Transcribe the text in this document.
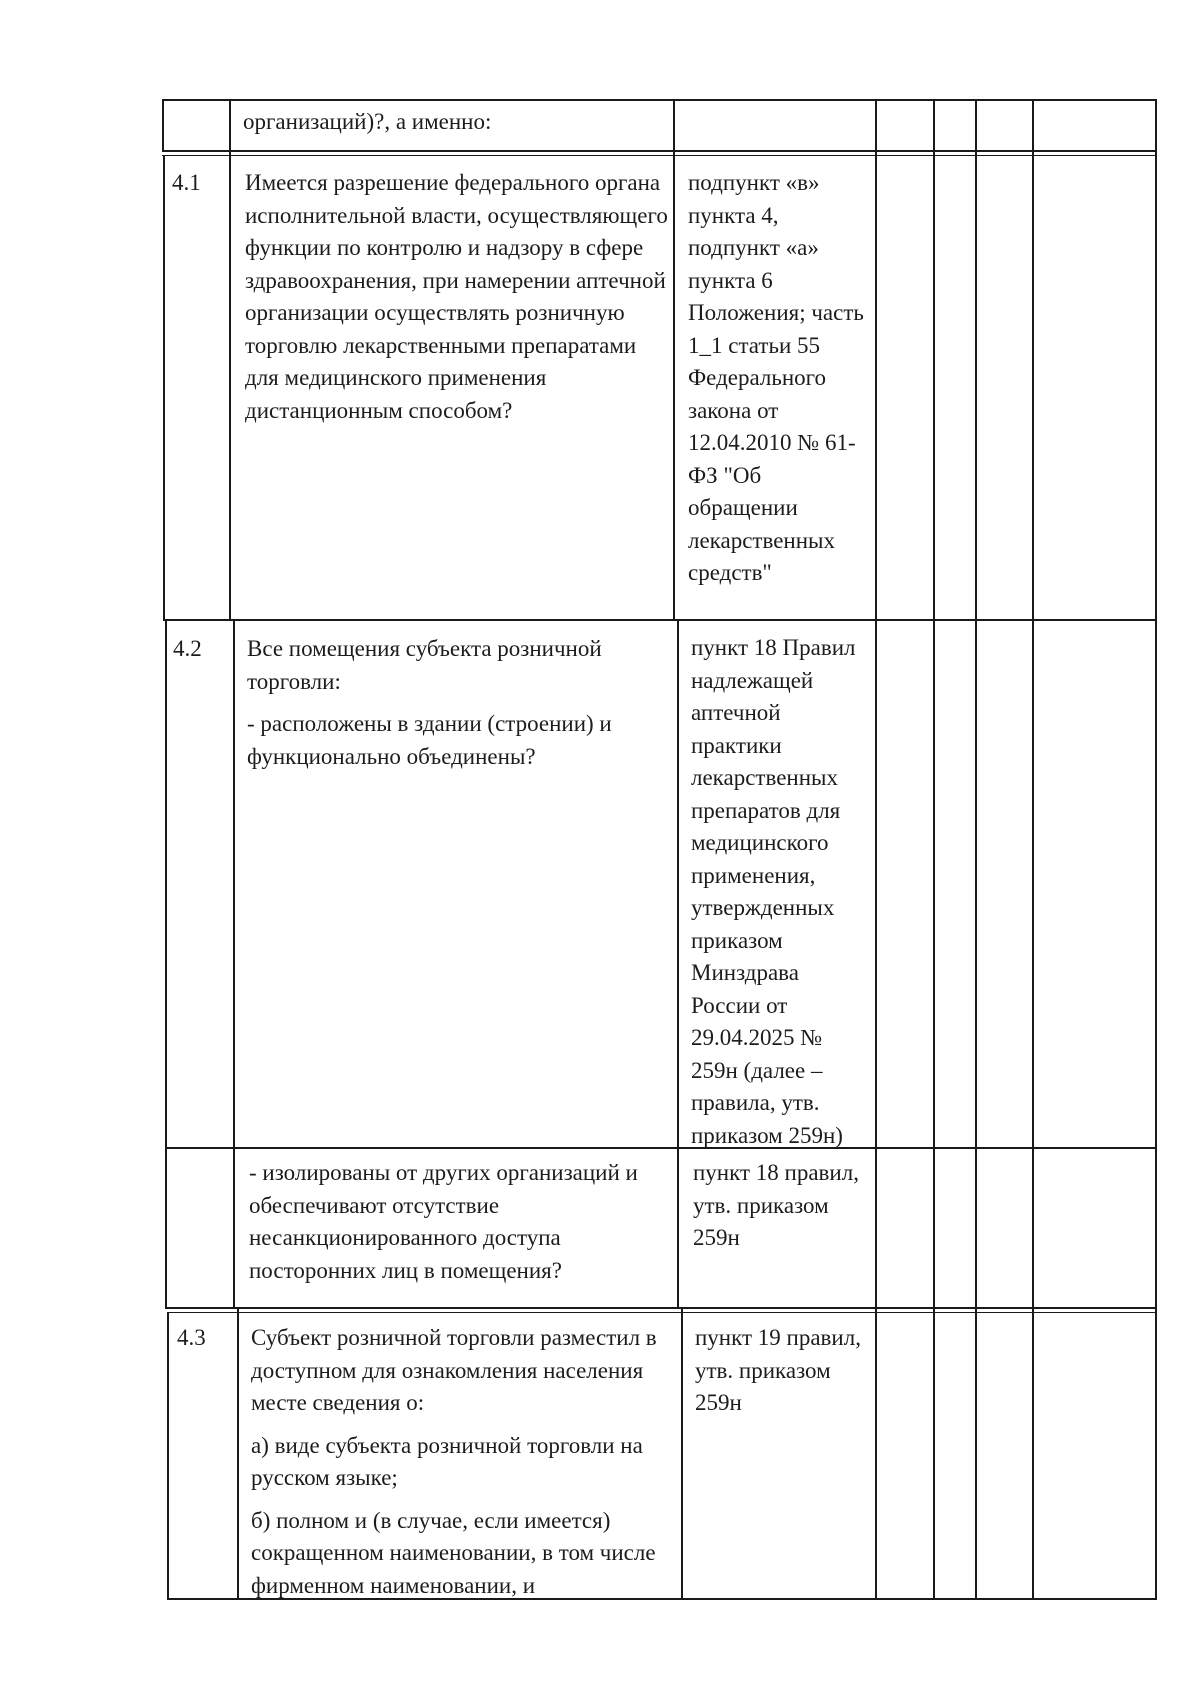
организаций)?, а именно:

4.1 Имеется разрешение федерального органа исполнительной власти, осуществляющего функции по контролю и надзору в сфере здравоохранения, при намерении аптечной организации осуществлять розничную торговлю лекарственными препаратами для медицинского применения дистанционным способом?

подпункт «в» пункта 4, подпункт «а» пункта 6 Положения; часть 1_1 статьи 55 Федерального закона от 12.04.2010 № 61-ФЗ "Об обращении лекарственных средств"

4.2 Все помещения субъекта розничной торговли:

- расположены в здании (строении) и функционально объединены?

пункт 18 Правил надлежащей аптечной практики лекарственных препаратов для медицинского применения, утвержденных приказом Минздрава России от 29.04.2025 № 259н (далее – правила, утв. приказом 259н)

- изолированы от других организаций и обеспечивают отсутствие несанкционированного доступа посторонних лиц в помещения?

пункт 18 правил, утв. приказом 259н

4.3 Субъект розничной торговли разместил в доступном для ознакомления населения месте сведения о:

а) виде субъекта розничной торговли на русском языке;

б) полном и (в случае, если имеется) сокращенном наименовании, в том числе фирменном наименовании, и

пункт 19 правил, утв. приказом 259н
